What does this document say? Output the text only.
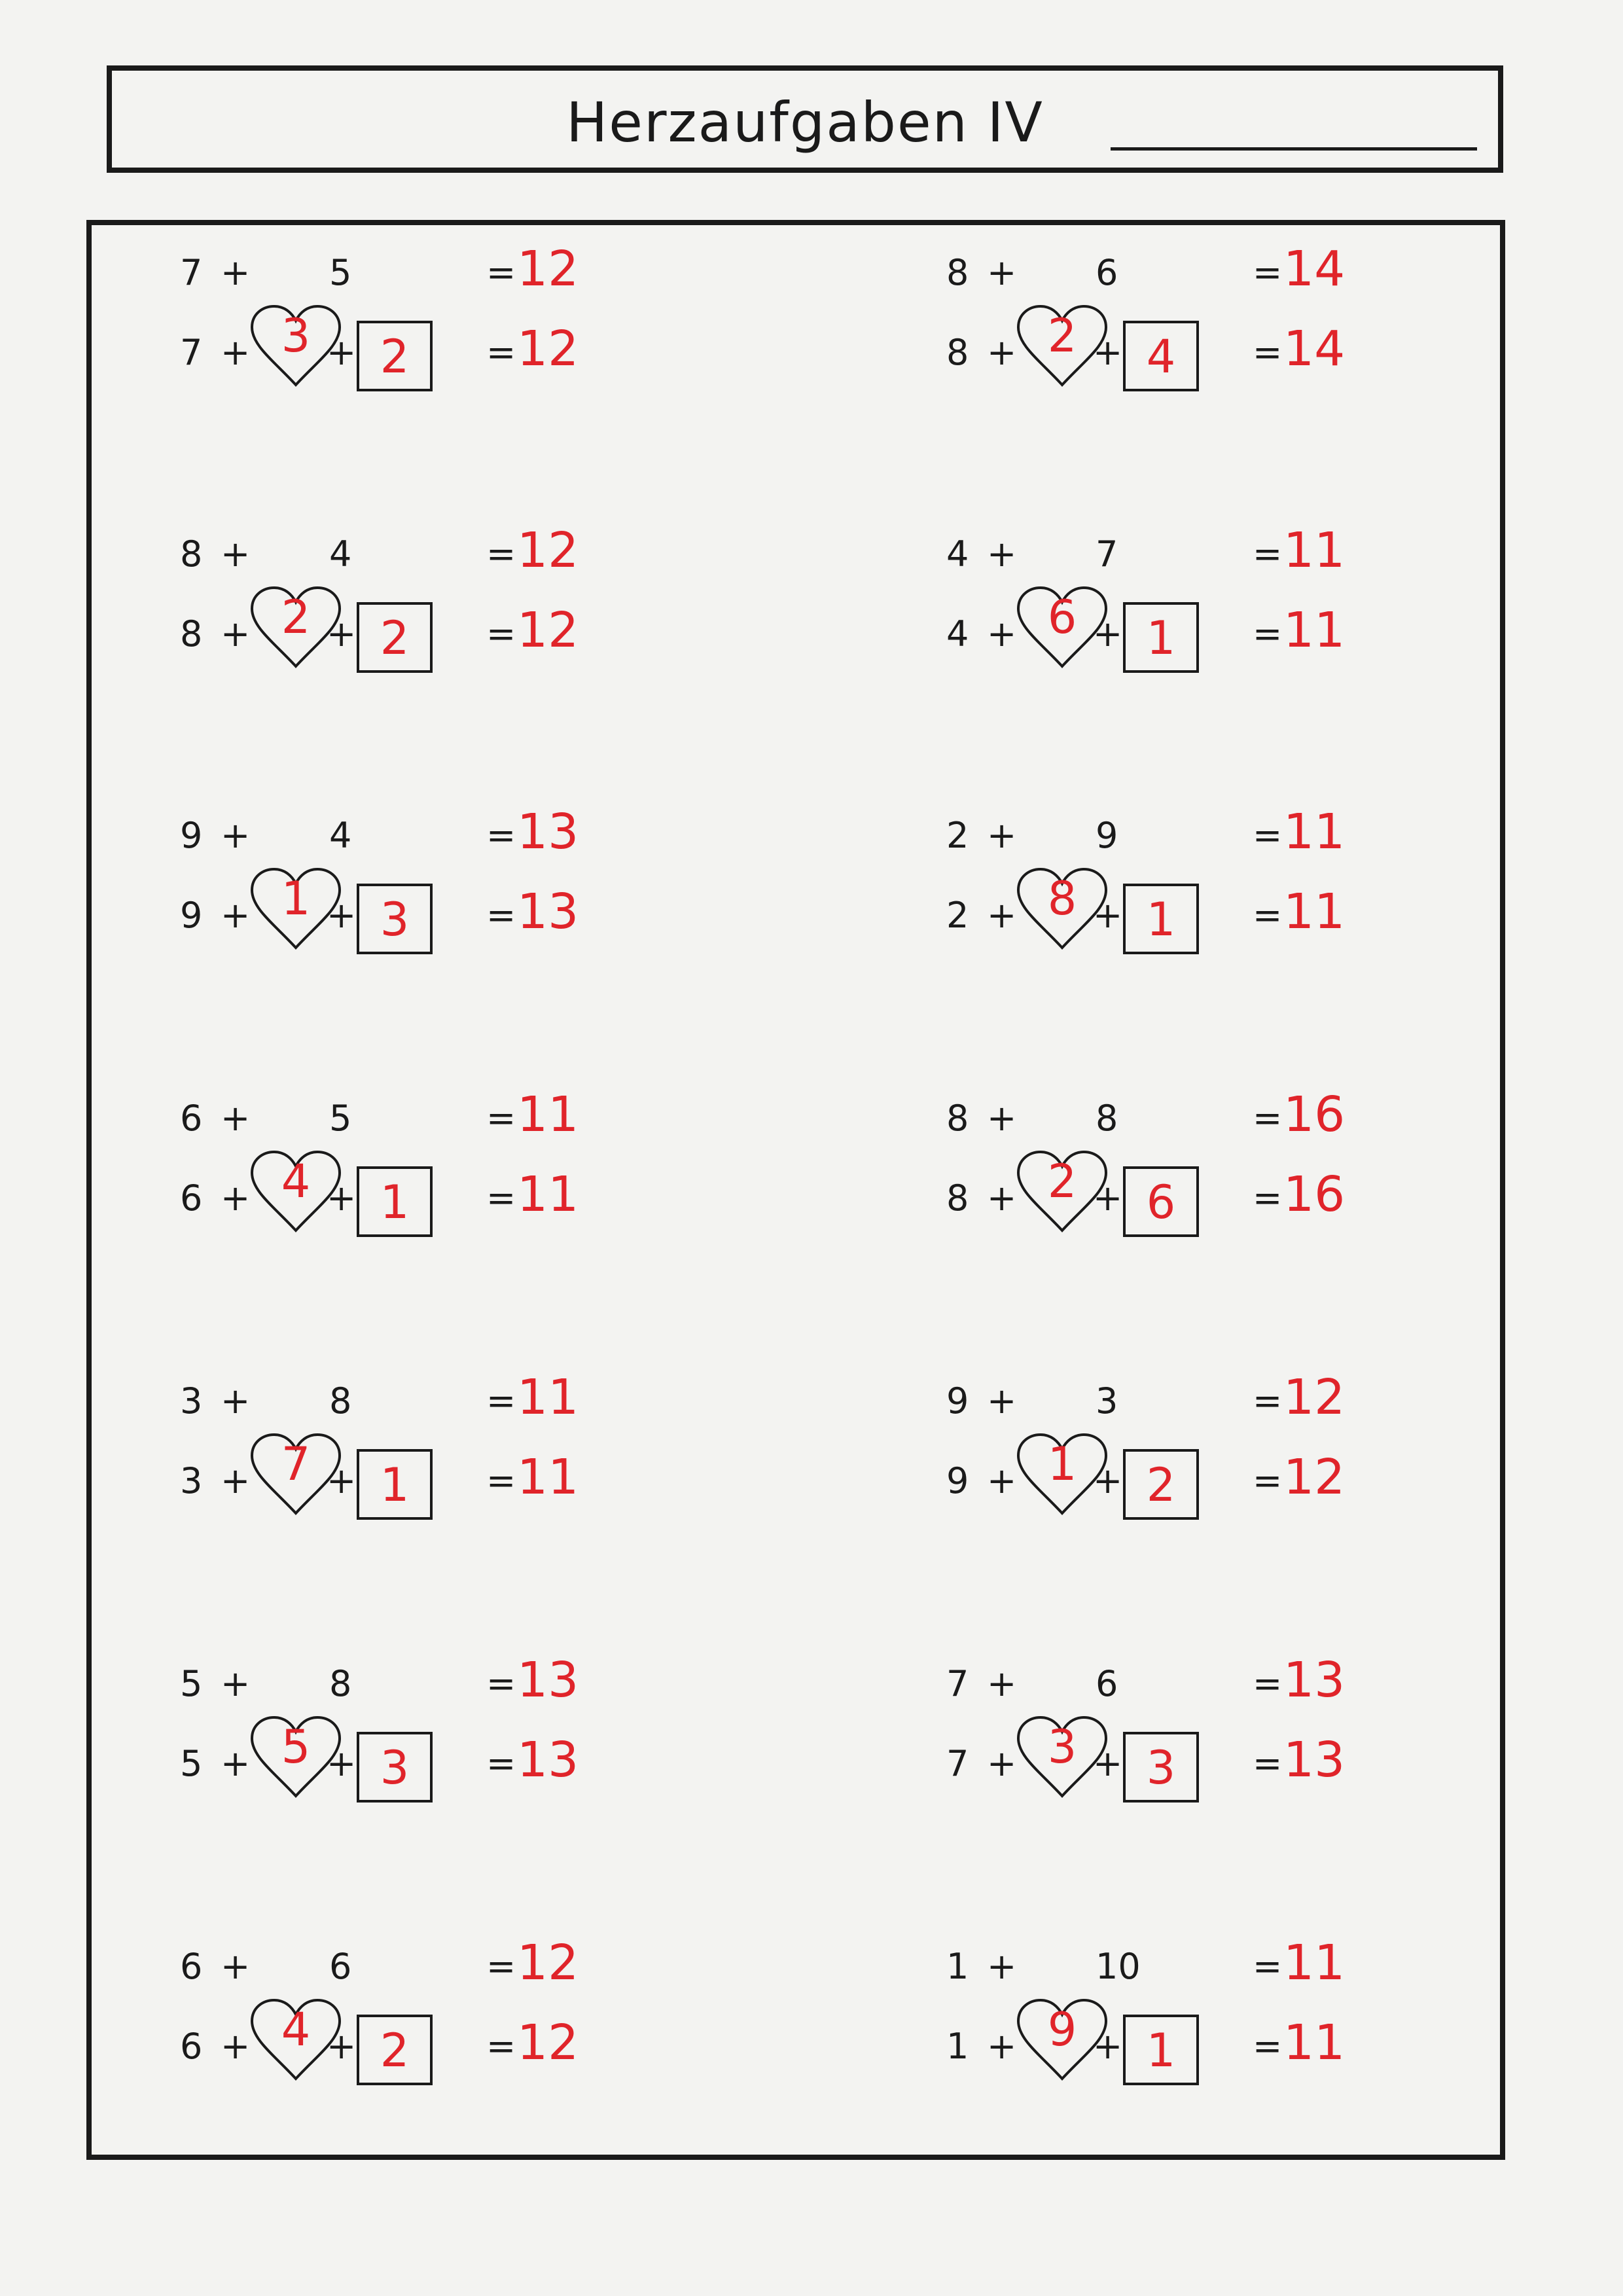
Herzaufgaben IV
7 + 5	= 12
7 + 3 + 2	= 12
8 + 6	= 14
8 + 2 + 4	= 14
8 + 4	= 12
8 + 2 + 2	= 12
4 + 7	= 11
4 + 6 + 1	= 11
9 + 4	= 13
9 + 1 + 3	= 13
2 + 9	= 11
2 + 8 + 1	= 11
6 + 5	= 11
6 + 4 + 1	= 11
8 + 8	= 16
8 + 2 + 6	= 16
3 + 8	= 11
3 + 7 + 1	= 11
9 + 3	= 12
9 + 1 + 2	= 12
5 + 8	= 13
5 + 5 + 3	= 13
7 + 6	= 13
7 + 3 + 3	= 13
6 + 6	= 12
6 + 4 + 2	= 12
1 + 10	= 11
1 + 9 + 1	= 11
